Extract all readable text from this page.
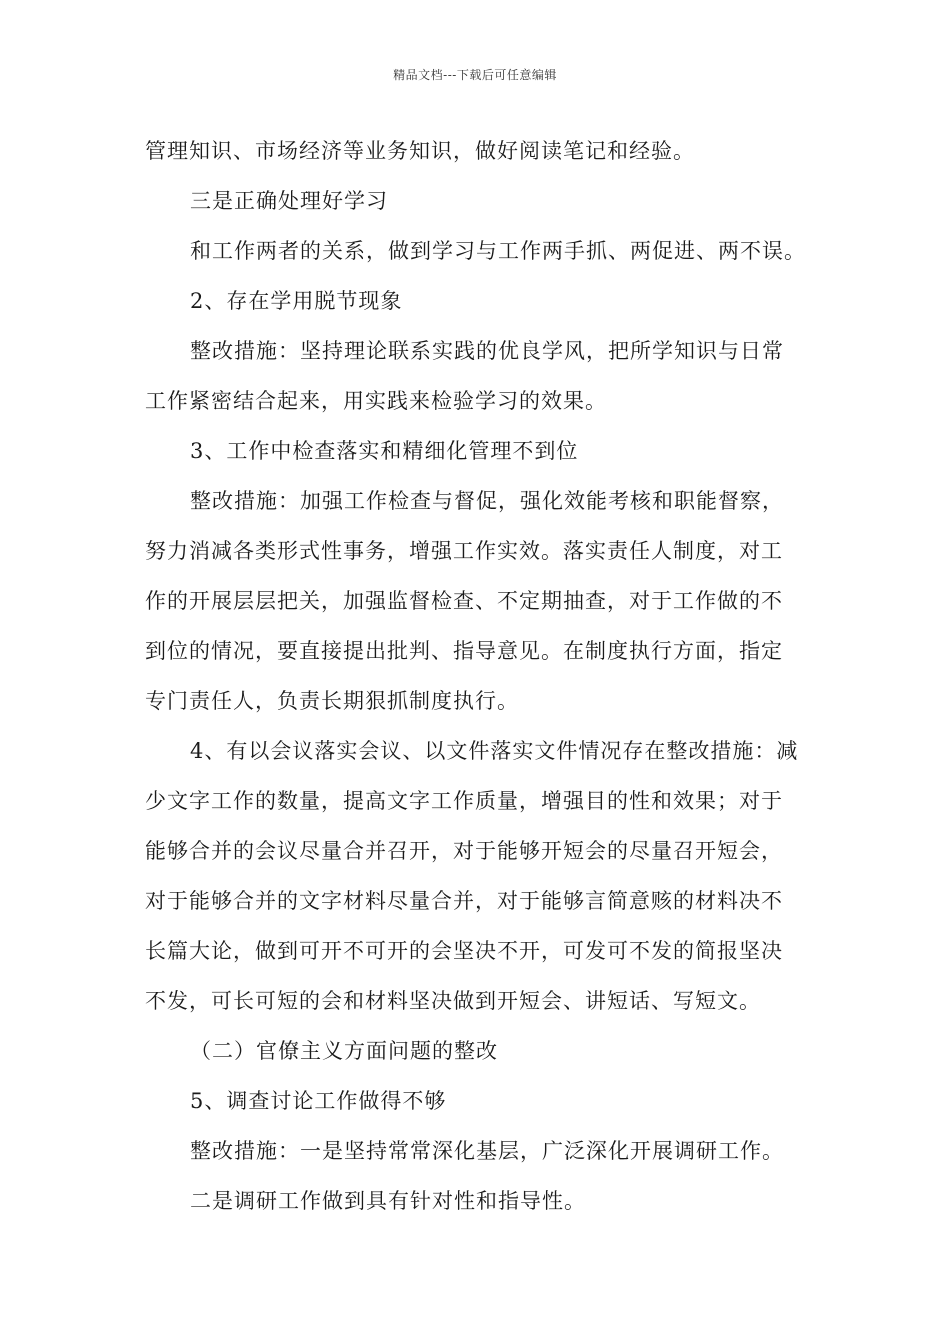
精品文档---下载后可任意编辑
管理知识、市场经济等业务知识，做好阅读笔记和经验。
三是正确处理好学习
和工作两者的关系，做到学习与工作两手抓、两促进、两不误。
2、存在学用脱节现象
整改措施：坚持理论联系实践的优良学风，把所学知识与日常
工作紧密结合起来，用实践来检验学习的效果。
3、工作中检查落实和精细化管理不到位
整改措施：加强工作检查与督促，强化效能考核和职能督察，
努力消减各类形式性事务，增强工作实效。落实责任人制度，对工
作的开展层层把关，加强监督检查、不定期抽查，对于工作做的不
到位的情况，要直接提出批判、指导意见。在制度执行方面，指定
专门责任人，负责长期狠抓制度执行。
4、有以会议落实会议、以文件落实文件情况存在整改措施：减
少文字工作的数量，提高文字工作质量，增强目的性和效果；对于
能够合并的会议尽量合并召开，对于能够开短会的尽量召开短会，
对于能够合并的文字材料尽量合并，对于能够言简意赅的材料决不
长篇大论，做到可开不可开的会坚决不开，可发可不发的简报坚决
不发，可长可短的会和材料坚决做到开短会、讲短话、写短文。
（二）官僚主义方面问题的整改
5、调查讨论工作做得不够
整改措施：一是坚持常常深化基层，广泛深化开展调研工作。
二是调研工作做到具有针对性和指导性。
